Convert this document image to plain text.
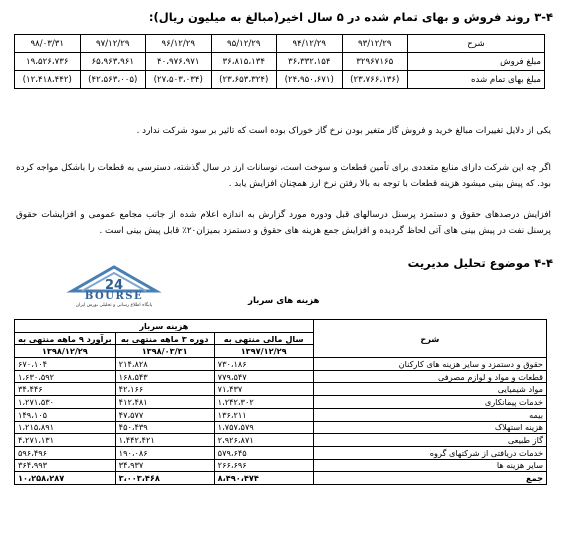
۳-۴ روند فروش و بهای تمام شده در ۵ سال اخیر(مبالغ به میلیون ریال):
شرح	۹۳/۱۲/۲۹	۹۴/۱۲/۲۹	۹۵/۱۲/۲۹	۹۶/۱۲/۲۹	۹۷/۱۲/۲۹	۹۸/۰۳/۳۱
مبلغ فروش	۳۲۹۶۷۱۶۵	۳۶،۳۳۲،۱۵۴	۳۶،۸۱۵،۱۳۴	۴۰،۹۷۶،۹۷۱	۶۵،۹۶۳،۹۶۱	۱۹،۵۲۶،۷۳۶
مبلغ بهای تمام شده	(۲۳،۷۶۶،۱۳۶)	(۲۴،۹۵۰،۶۷۱)	(۲۳،۶۵۳،۳۲۴)	(۲۷،۵۰۳،۰۳۴)	(۴۲،۵۶۳،۰۰۵)	(۱۲،۴۱۸،۴۴۲)
یکی از دلایل تغییرات مبالغ خرید و فروش گاز متغیر بودن نرخ گاز خوراک بوده است که تاثیر بر سود شرکت ندارد .
اگر چه این شرکت دارای منابع متعددی برای تأمین قطعات و سوخت است، نوسانات ارز در سال گذشته، دسترسی به قطعات را باشکل مواجه کرده بود. که پیش بینی میشود هزینه قطعات با توجه به بالا رفتن نرخ ارز همچنان افزایش یابد .
افزایش درصدهای حقوق و دستمزد پرسنل درسالهای قبل ودوره مورد گزارش به اندازه اعلام شده از جانب مجامع عمومی و افزایشات حقوق پرسنل نفت در پیش بینی های آتی لحاظ گردیده و افزایش جمع هزینه های حقوق و دستمزد بمیزان۲۰٪ قابل پیش بینی است .
۴-۴ موضوع تحلیل مدیریت
24
BOURSE
پایگاه اطلاع رسانی و تحلیلی بورس ایران	هزینه های سربار
شرح	هزینه سربار		
	سال مالی منتهی به	دوره ۳ ماهه منتهی به	برآورد ۹ ماهه منتهی به
	۱۳۹۷/۱۲/۲۹	۱۳۹۸/۰۳/۳۱	۱۳۹۸/۱۲/۲۹
حقوق و دستمزد و سایر هزینه های کارکنان	۷۳۰،۱۸۶	۲۱۴،۸۲۸	۶۷۰،۱۰۴
قطعات و مواد و لوازم مصرفی	۷۷۹،۵۴۷	۱۶۸،۵۴۳	۱،۶۳۰،۵۹۲
مواد شیمیایی	۷۱،۴۳۷	۴۲،۱۶۶	۳۴،۴۴۶
خدمات پیمانکاری	۱،۲۴۲،۳۰۲	۴۱۲،۴۸۱	۱،۲۷۱،۵۳۰
بیمه	۱۳۶،۲۱۱	۴۷،۵۷۷	۱۴۹،۱۰۵
هزینه استهلاک	۱،۷۵۷،۵۷۹	۴۵۰،۴۳۹	۱،۲۱۵،۸۹۱
گاز طبیعی	۲،۹۲۶،۸۷۱	۱،۴۴۲،۴۲۱	۴،۲۷۱،۱۳۱
خدمات دریافتی از شرکتهای گروه	۵۷۹،۶۴۵	۱۹۰،۰۸۶	۵۹۶،۴۹۶
سایر هزینه ها	۲۶۶،۶۹۶	۳۴،۹۳۷	۳۶۴،۹۹۳
جمع	۸،۴۹۰،۴۷۴	۳،۰۰۳،۴۶۸	۱۰،۲۵۸،۲۸۷
